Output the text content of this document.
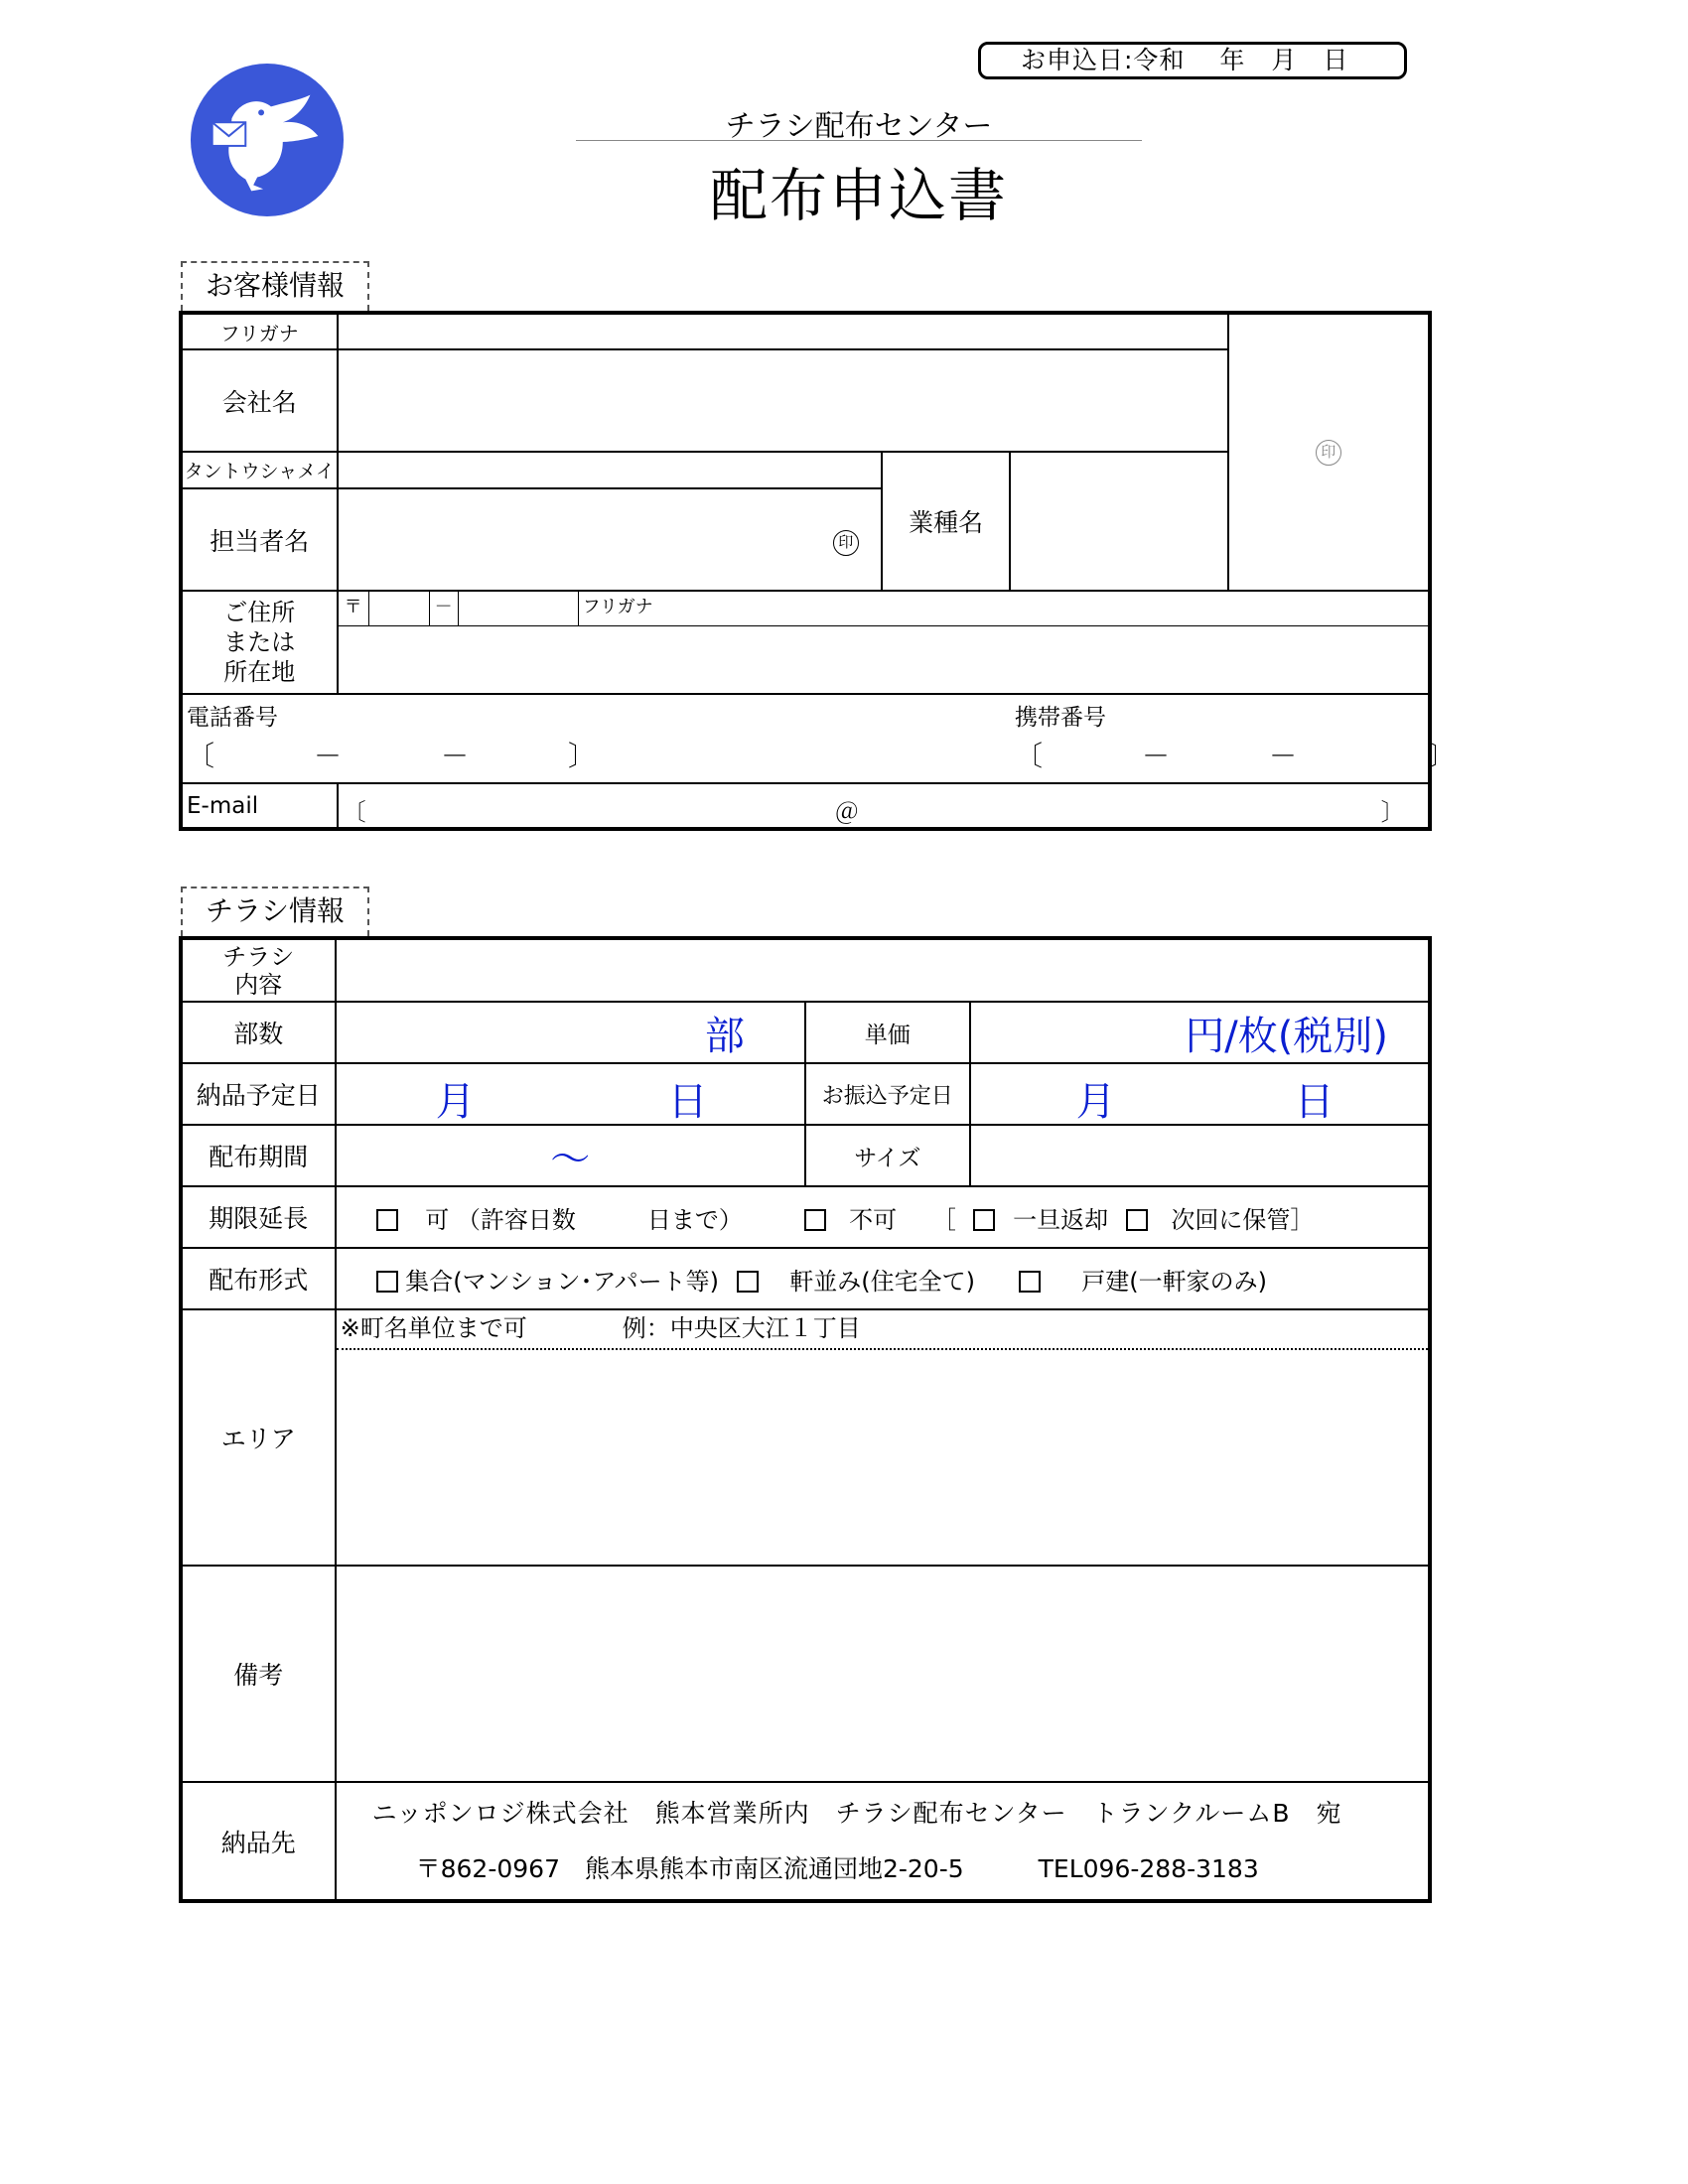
お申込日:令和　 年　月　日
チラシ配布センター
配布申込書
お客様情報
フリガナ				印
会社名				
タントウシャメイ		業種名		
担当者名	印			
ご住所
または
所在地	〒 － フリガナ			

電話番号
〔　　　－　　　－　　　〕
携帯番号
〔　　　－　　　－　　　　〕				

E-mail	〔 ＠ 〕			
チラシ情報
チラシ
内容			
部数	部	単価	円/枚(税別)
納品予定日	月 日	お振込予定日	月 日

配布期間	～	サイズ	
期限延長	可 （許容日数　　　日まで） 不可 ［ 一旦返却 次回に保管］		
配布形式	集合(マンション･アパート等) 軒並み(住宅全て) 戸建(一軒家のみ)		
エリア	※町名単位まで可　　　　例：中央区大江１丁目		

備考			
納品先	ニッポンロジ株式会社　熊本営業所内　チラシ配布センター　トランクルームB　宛
〒862-0967　熊本県熊本市南区流通団地2-20-5　　　TEL096-288-3183		
